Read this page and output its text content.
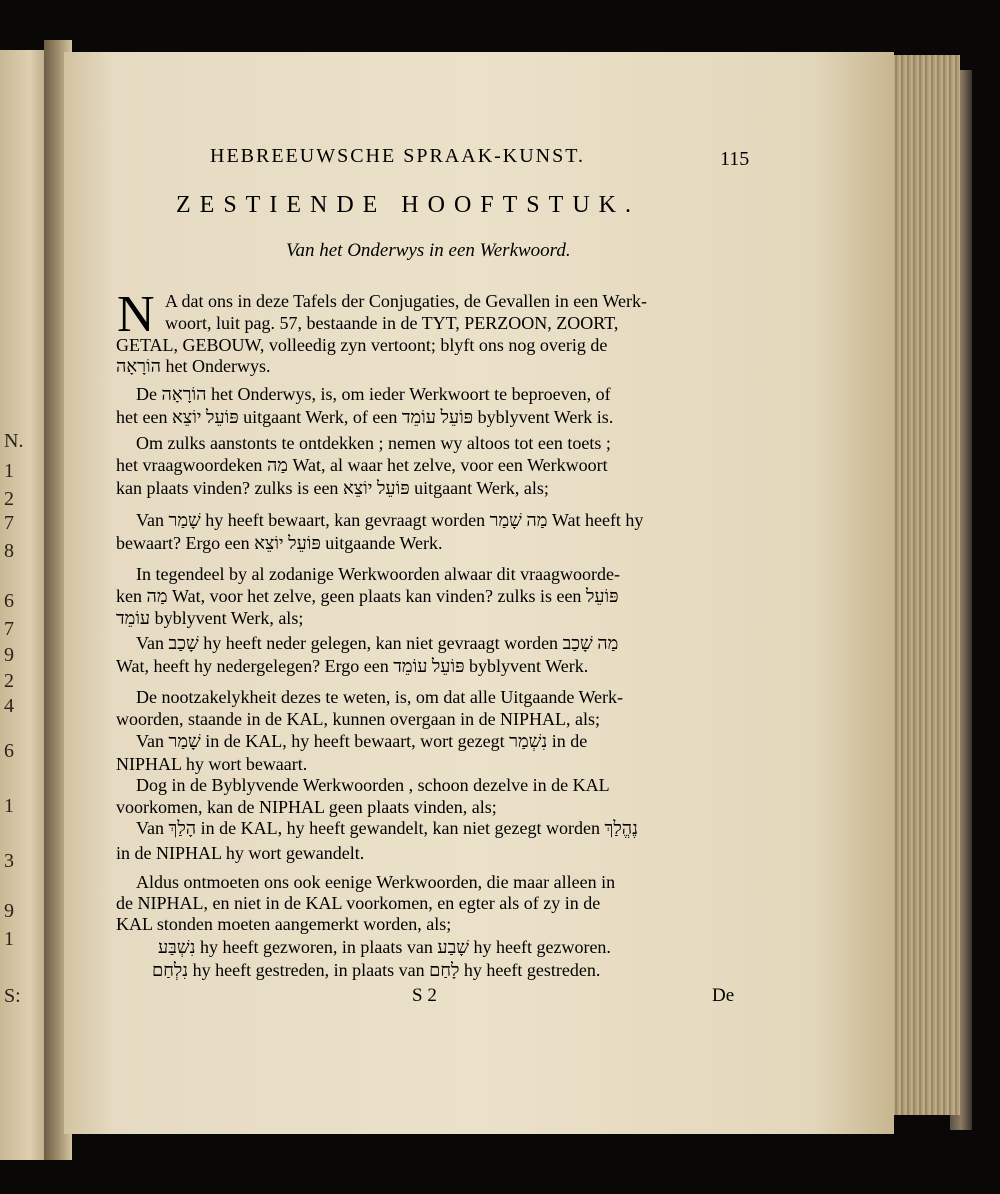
N.
1
2
7
8
6
7
9
2
4
6
1
3
9
1
S:
HEBREEUWSCHE SPRAAK-KUNST.	115
ZESTIENDE HOOFTSTUK.
Van het Onderwys in een Werkwoord.
N A dat ons in deze Tafels der Conjugaties, de Gevallen in een Werk-
woort, luit pag. 57, bestaande in de TYT, PERZOON, ZOORT,
GETAL, GEBOUW, volleedig zyn vertoont; blyft ons nog overig de
הוֹרָאָה het Onderwys.
De הוֹרָאָה het Onderwys, is, om ieder Werkwoort te beproeven, of
het een פּוֹעֵל יוֹצֵא uitgaant Werk, of een פּוֹעֵל עוֹמֵד byblyvent Werk is.
Om zulks aanstonts te ontdekken ; nemen wy altoos tot een toets ;
het vraagwoordeken מַה Wat, al waar het zelve, voor een Werkwoort
kan plaats vinden? zulks is een פּוֹעֵל יוֹצֵא uitgaant Werk, als;
Van שָׁמַר hy heeft bewaart, kan gevraagt worden מַה שָׁמַר Wat heeft hy
bewaart? Ergo een פּוֹעֵל יוֹצֵא uitgaande Werk.
In tegendeel by al zodanige Werkwoorden alwaar dit vraagwoorde-
ken מַה Wat, voor het zelve, geen plaats kan vinden? zulks is een פּוֹעֵל
עוֹמֵד byblyvent Werk, als;
Van שָׁכַב hy heeft neder gelegen, kan niet gevraagt worden מַה שָׁכַב
Wat, heeft hy nedergelegen? Ergo een פּוֹעֵל עוֹמֵד byblyvent Werk.
De nootzakelykheit dezes te weten, is, om dat alle Uitgaande Werk-
woorden, staande in de KAL, kunnen overgaan in de NIPHAL, als;
Van שָׁמַר in de KAL, hy heeft bewaart, wort gezegt נִשְׁמַר in de
NIPHAL hy wort bewaart.
Dog in de Byblyvende Werkwoorden , schoon dezelve in de KAL
voorkomen, kan de NIPHAL geen plaats vinden, als;
Van הָלַךְ in de KAL, hy heeft gewandelt, kan niet gezegt worden נֶהֱלַךְ
in de NIPHAL hy wort gewandelt.
Aldus ontmoeten ons ook eenige Werkwoorden, die maar alleen in
de NIPHAL, en niet in de KAL voorkomen, en egter als of zy in de
KAL stonden moeten aangemerkt worden, als;
נִשְׁבַּע hy heeft gezworen, in plaats van שָׁבַע hy heeft gezworen.
נִלְחַם hy heeft gestreden, in plaats van לָחַם hy heeft gestreden.
S 2	De
